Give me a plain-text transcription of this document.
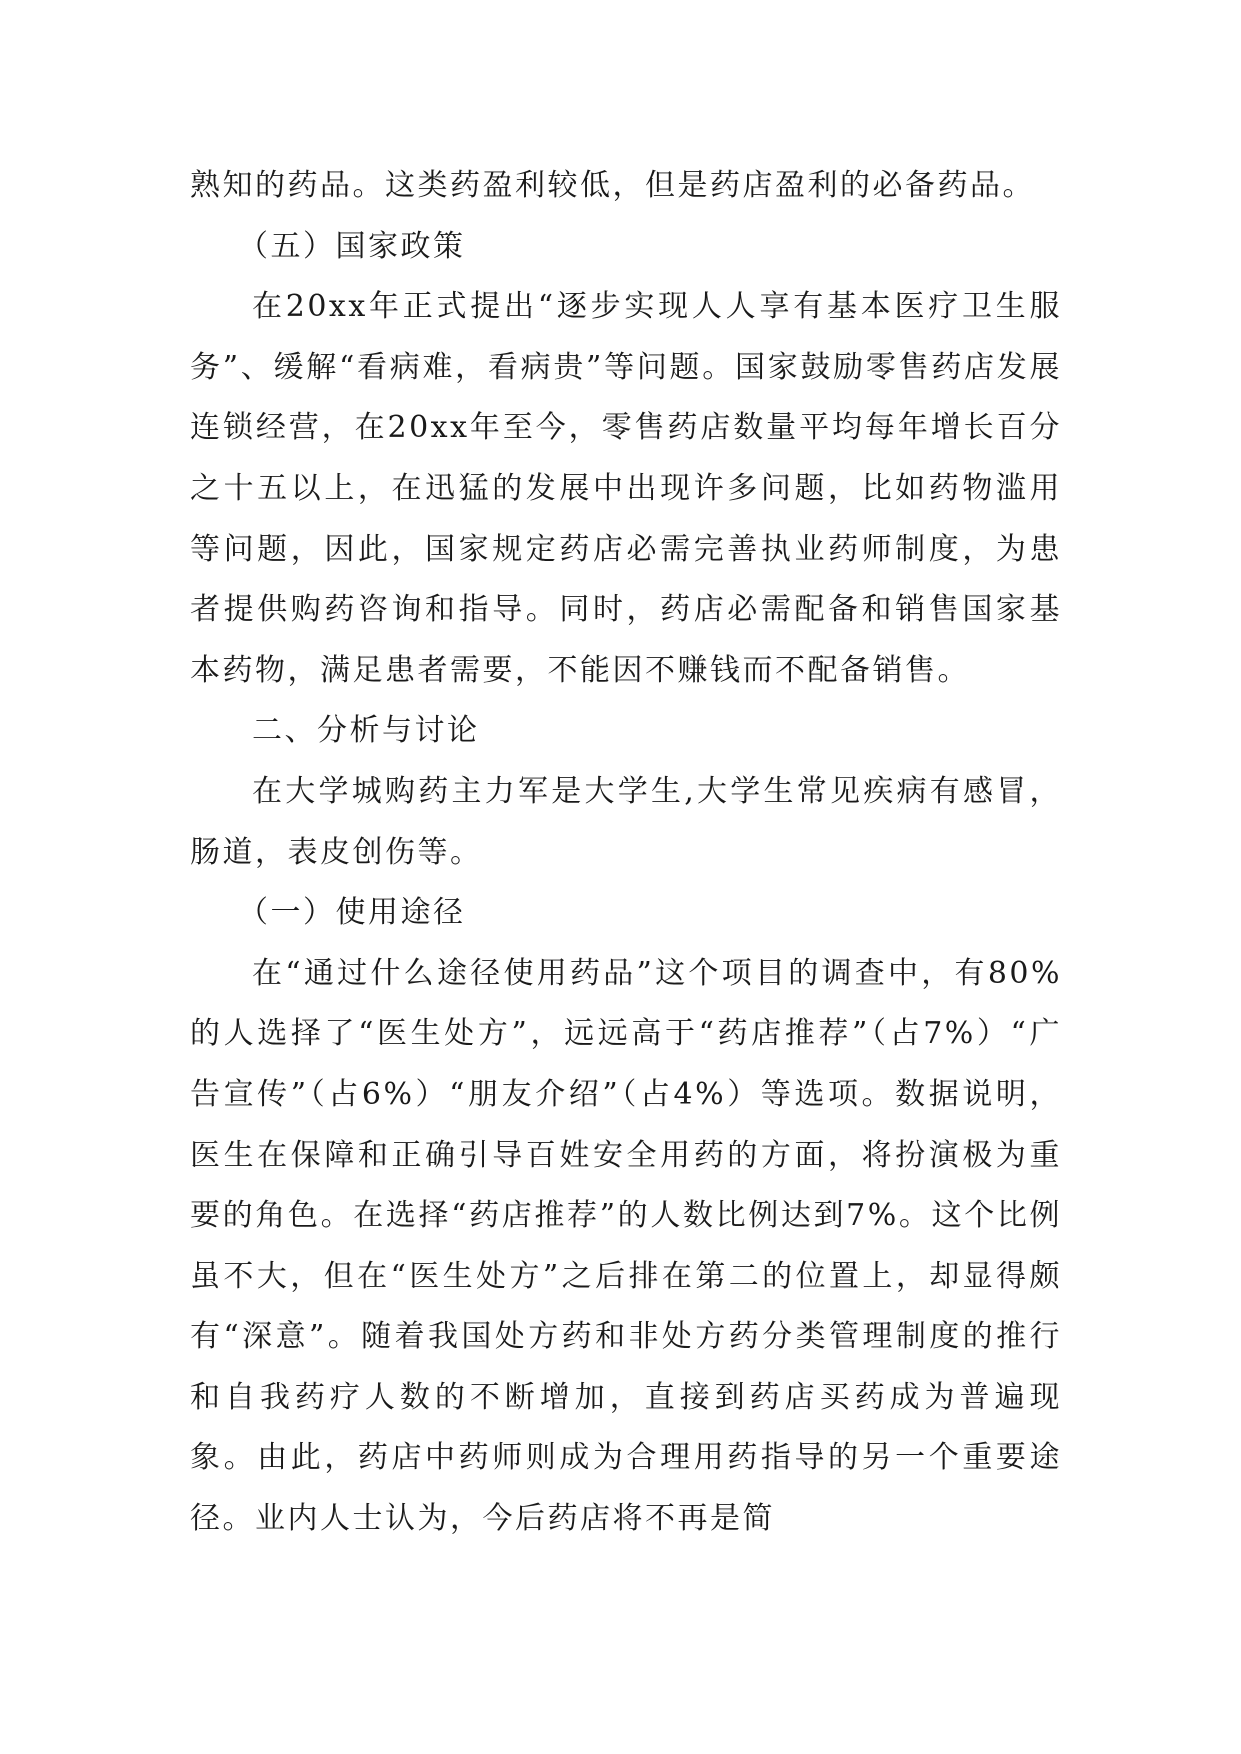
熟知的药品。这类药盈利较低，但是药店盈利的必备药品。

（五）国家政策

在20xx年正式提出“逐步实现人人享有基本医疗卫生服务”、缓解“看病难，看病贵”等问题。国家鼓励零售药店发展连锁经营，在20xx年至今，零售药店数量平均每年增长百分之十五以上，在迅猛的发展中出现许多问题，比如药物滥用等问题，因此，国家规定药店必需完善执业药师制度，为患者提供购药咨询和指导。同时，药店必需配备和销售国家基本药物，满足患者需要，不能因不赚钱而不配备销售。

二、分析与讨论

在大学城购药主力军是大学生,大学生常见疾病有感冒，肠道，表皮创伤等。

（一）使用途径

在“通过什么途径使用药品”这个项目的调查中，有80%的人选择了“医生处方”，远远高于“药店推荐”（占7%）“广告宣传”（占6%）“朋友介绍”（占4%）等选项。数据说明，医生在保障和正确引导百姓安全用药的方面，将扮演极为重要的角色。在选择“药店推荐”的人数比例达到7%。这个比例虽不大，但在“医生处方”之后排在第二的位置上，却显得颇有“深意”。随着我国处方药和非处方药分类管理制度的推行和自我药疗人数的不断增加，直接到药店买药成为普遍现象。由此，药店中药师则成为合理用药指导的另一个重要途径。业内人士认为，今后药店将不再是简
